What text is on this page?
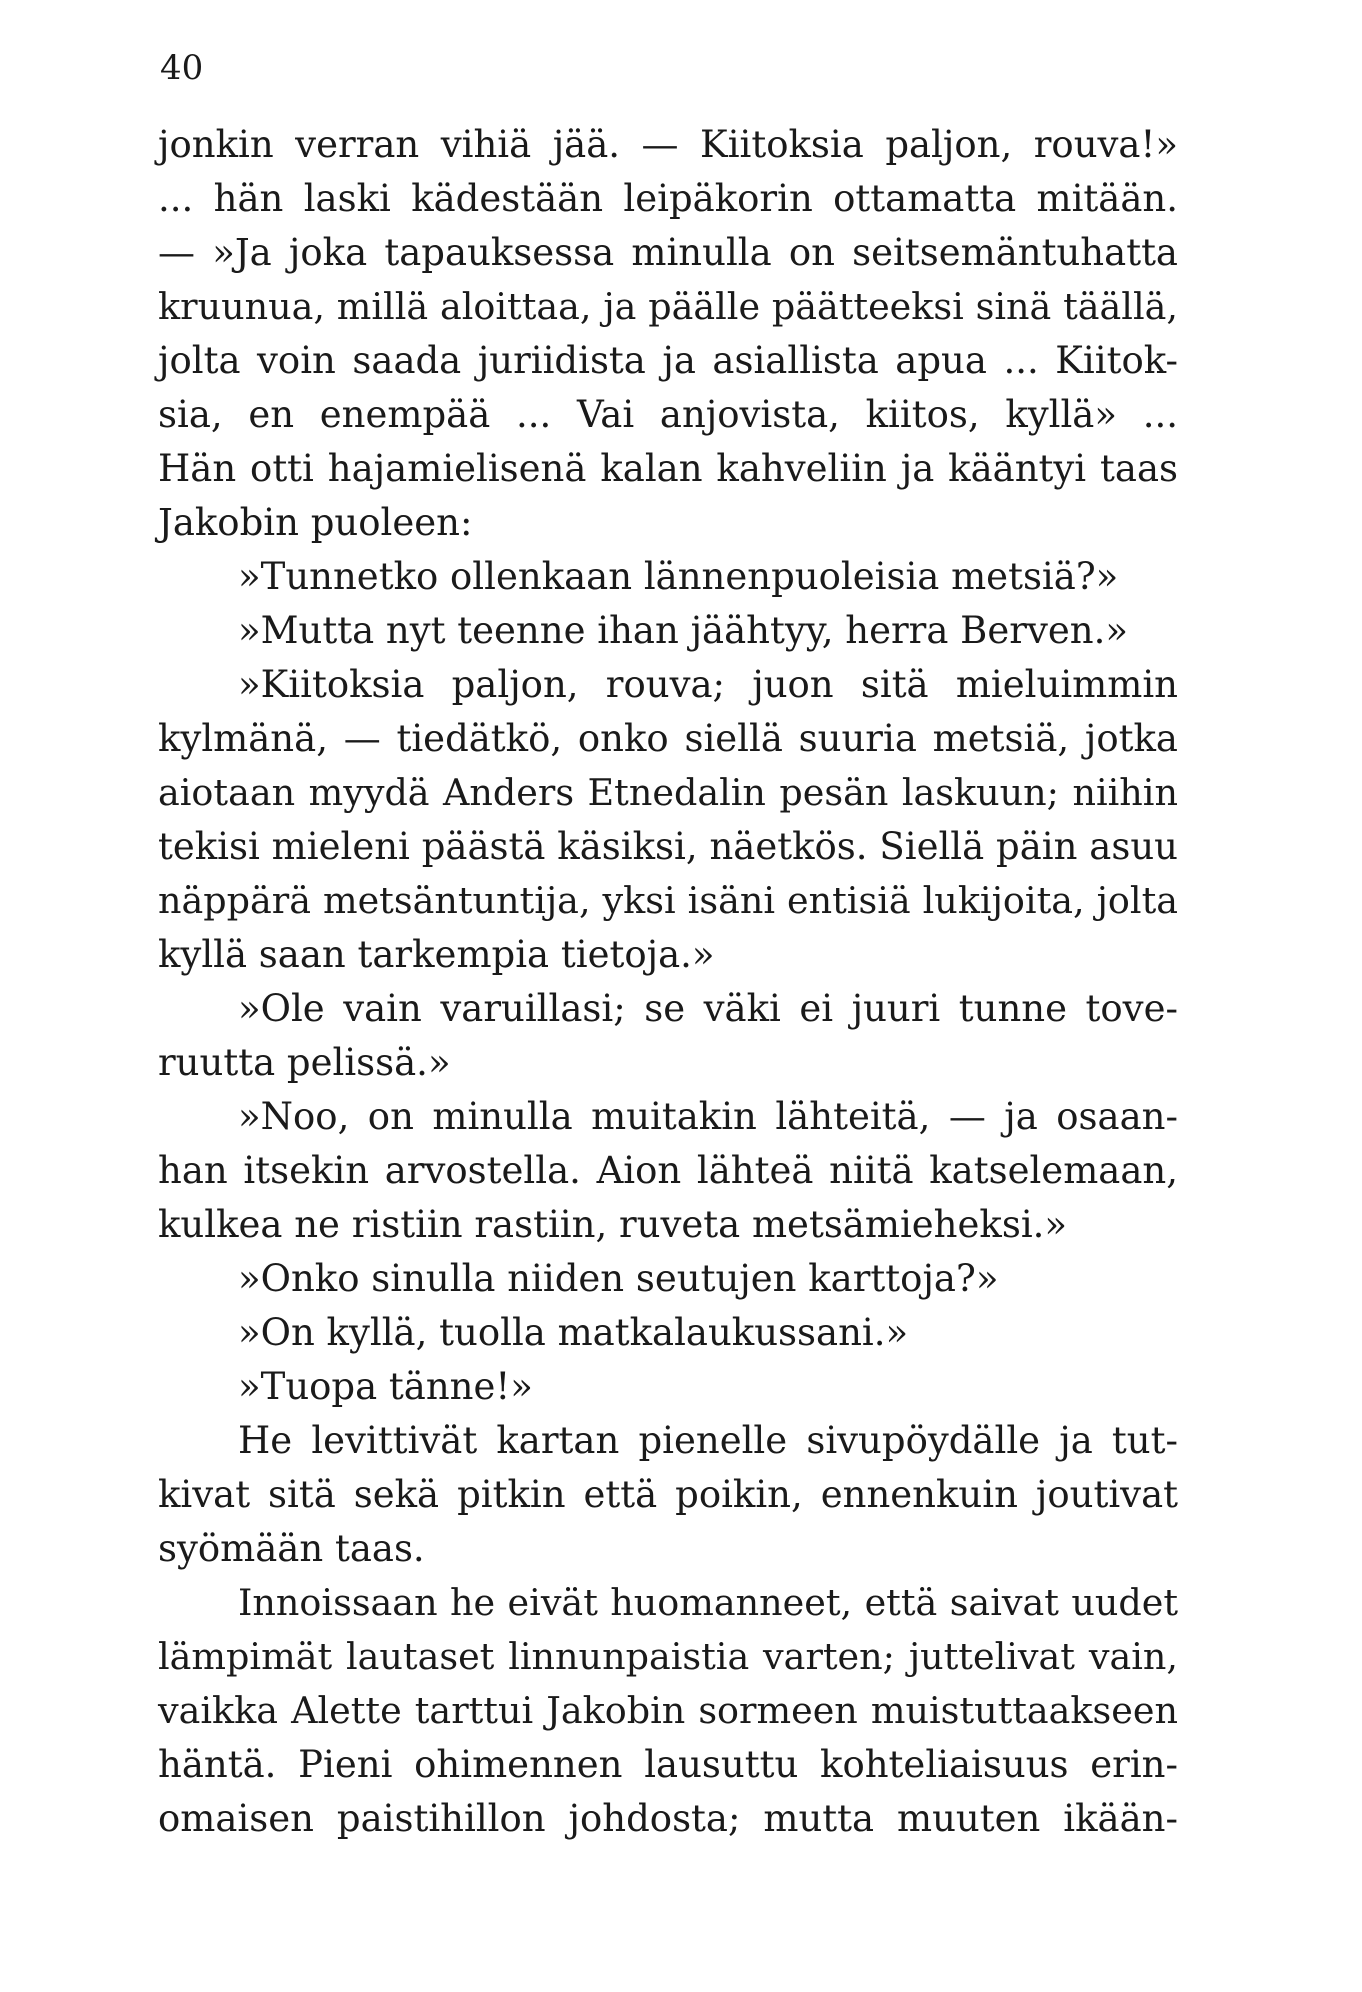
40
jonkin verran vihiä jää. — Kiitoksia paljon, rouva!»
... hän laski kädestään leipäkorin ottamatta mitään.
— »Ja joka tapauksessa minulla on seitsemäntuhatta
kruunua, millä aloittaa, ja päälle päätteeksi sinä täällä,
jolta voin saada juriidista ja asiallista apua ... Kiitok-
sia, en enempää ... Vai anjovista, kiitos, kyllä» ...
Hän otti hajamielisenä kalan kahveliin ja kääntyi taas
Jakobin puoleen:
»Tunnetko ollenkaan lännenpuoleisia metsiä?»
»Mutta nyt teenne ihan jäähtyy, herra Berven.»
»Kiitoksia paljon, rouva; juon sitä mieluimmin
kylmänä, — tiedätkö, onko siellä suuria metsiä, jotka
aiotaan myydä Anders Etnedalin pesän laskuun; niihin
tekisi mieleni päästä käsiksi, näetkös. Siellä päin asuu
näppärä metsäntuntija, yksi isäni entisiä lukijoita, jolta
kyllä saan tarkempia tietoja.»
»Ole vain varuillasi; se väki ei juuri tunne tove-
ruutta pelissä.»
»Noo, on minulla muitakin lähteitä, — ja osaan-
han itsekin arvostella. Aion lähteä niitä katselemaan,
kulkea ne ristiin rastiin, ruveta metsämieheksi.»
»Onko sinulla niiden seutujen karttoja?»
»On kyllä, tuolla matkalaukussani.»
»Tuopa tänne!»
He levittivät kartan pienelle sivupöydälle ja tut-
kivat sitä sekä pitkin että poikin, ennenkuin joutivat
syömään taas.
Innoissaan he eivät huomanneet, että saivat uudet
lämpimät lautaset linnunpaistia varten; juttelivat vain,
vaikka Alette tarttui Jakobin sormeen muistuttaakseen
häntä. Pieni ohimennen lausuttu kohteliaisuus erin-
omaisen paistihillon johdosta; mutta muuten ikään-
